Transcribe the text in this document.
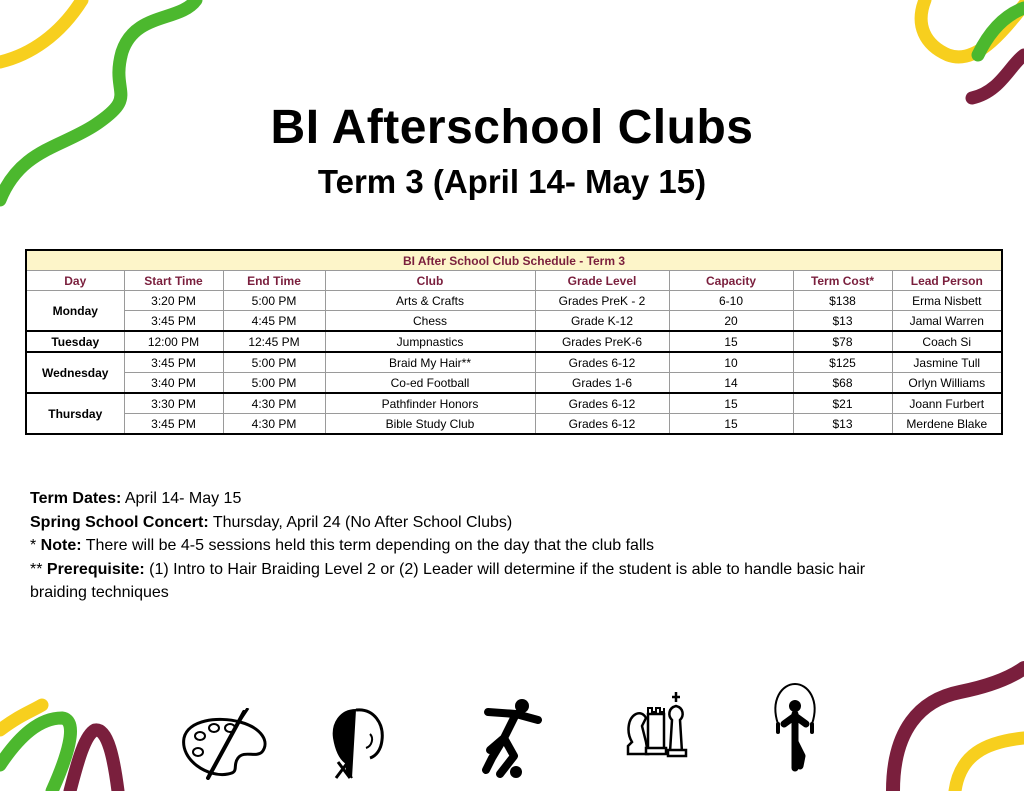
BI Afterschool Clubs
Term 3 (April 14- May 15)
BI After School Club Schedule - Term 3							
Day	Start Time	End Time	Club	Grade Level	Capacity	Term Cost*	Lead Person
Monday	3:20 PM	5:00 PM	Arts & Crafts	Grades PreK - 2	6-10	$138	Erma Nisbett
	3:45 PM	4:45 PM	Chess	Grade K-12	20	$13	Jamal Warren
Tuesday	12:00 PM	12:45 PM	Jumpnastics	Grades PreK-6	15	$78	Coach Si
Wednesday	3:45 PM	5:00 PM	Braid My Hair**	Grades 6-12	10	$125	Jasmine Tull
	3:40 PM	5:00 PM	Co-ed Football	Grades 1-6	14	$68	Orlyn Williams
Thursday	3:30 PM	4:30 PM	Pathfinder Honors	Grades 6-12	15	$21	Joann Furbert
	3:45 PM	4:30 PM	Bible Study Club	Grades 6-12	15	$13	Merdene Blake
Term Dates: April 14- May 15
Spring School Concert: Thursday, April 24 (No After School Clubs)
* Note: There will be 4-5 sessions held this term depending on the day that the club falls
** Prerequisite: (1) Intro to Hair Braiding Level 2 or (2) Leader will determine if the student is able to handle basic hair braiding techniques
